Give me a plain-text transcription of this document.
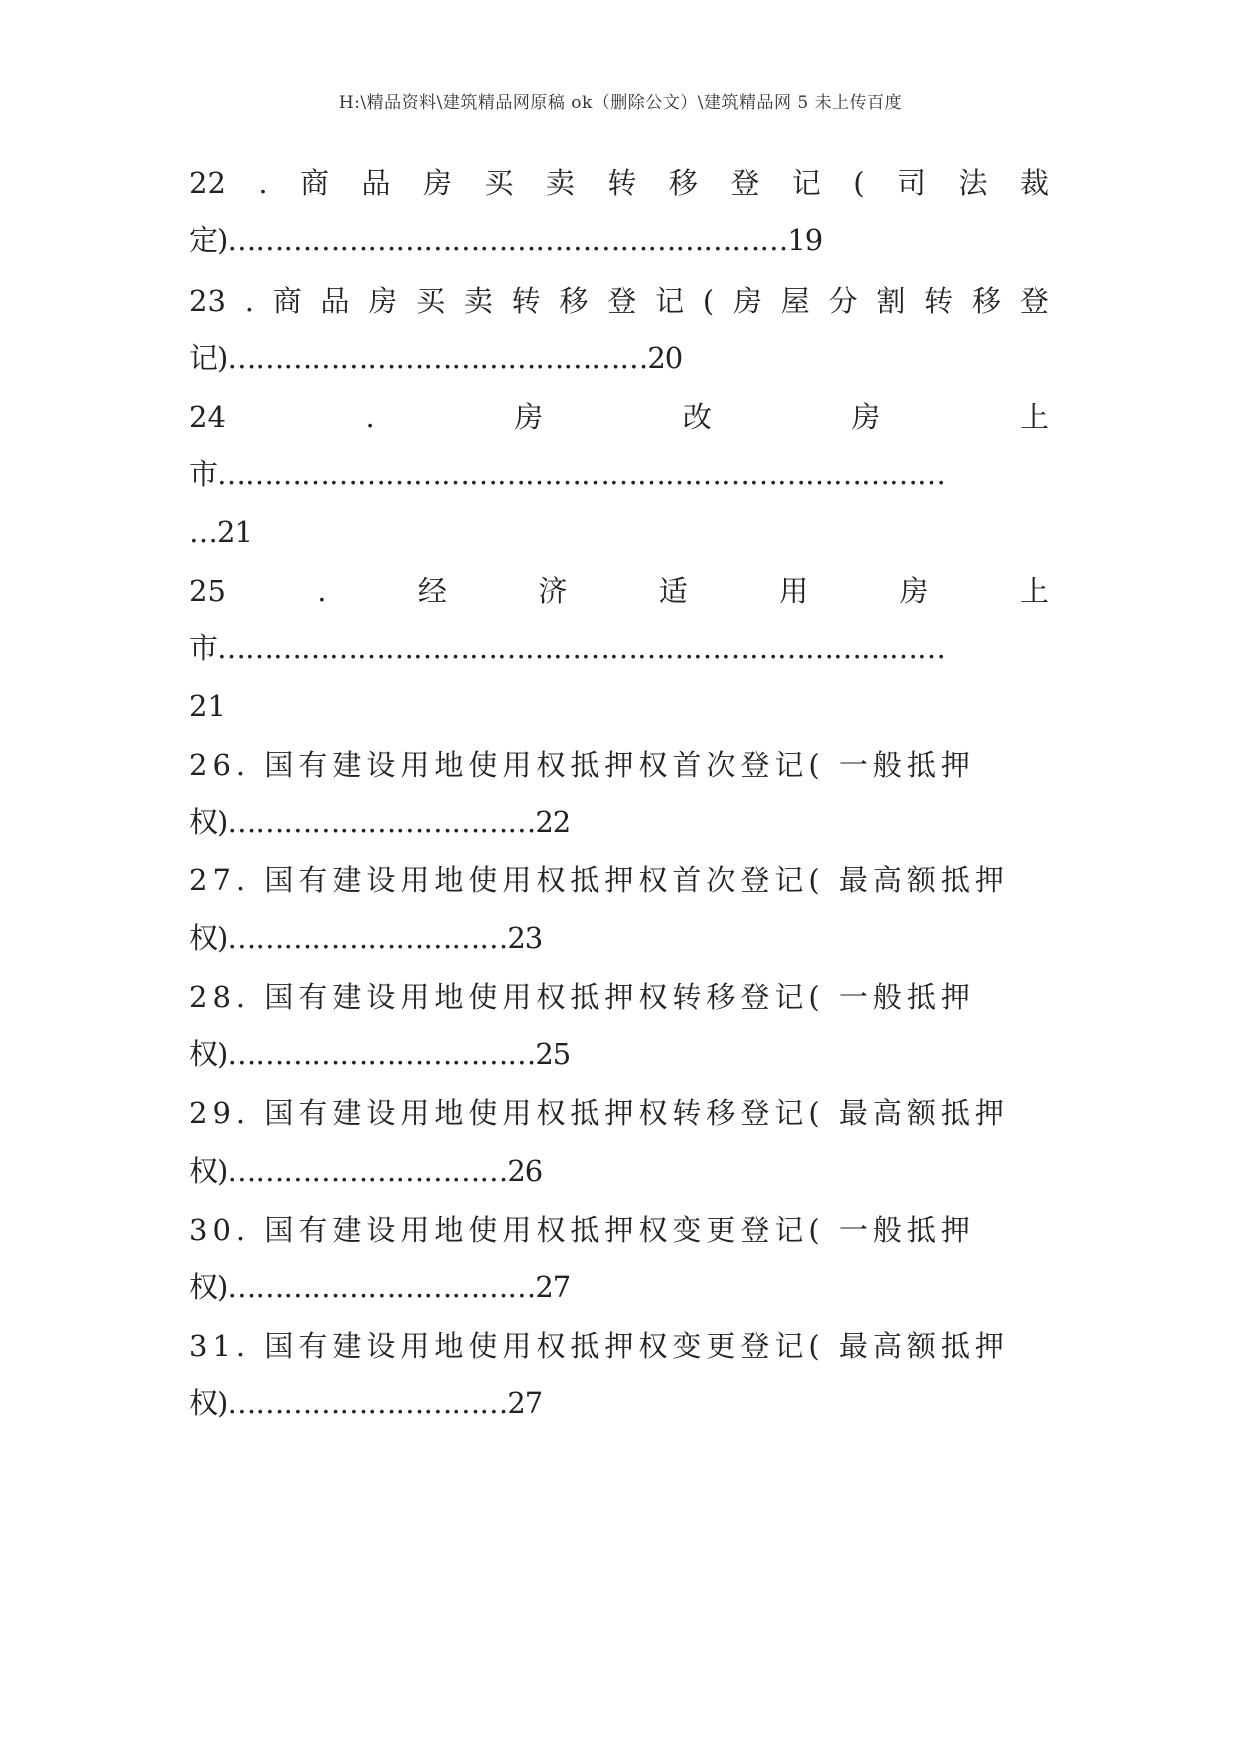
H:\精品资料\建筑精品网原稿 ok（删除公文）\建筑精品网 5 未上传百度
22 . 商 品 房 买 卖 转 移 登 记 ( 司 法 裁
定)……………………………………………………19
23 . 商 品 房 买 卖 转 移 登 记 ( 房 屋 分 割 转 移 登
记)………………………………………20
24	.	房	改	房	上
市……………………………………………………………………
…21
25	.	经	济	适	用	房	上
市……………………………………………………………………
21
26. 国有建设用地使用权抵押权首次登记( 一般抵押
权)……………………………22
27. 国有建设用地使用权抵押权首次登记( 最高额抵押
权)…………………………23
28. 国有建设用地使用权抵押权转移登记( 一般抵押
权)……………………………25
29. 国有建设用地使用权抵押权转移登记( 最高额抵押
权)…………………………26
30. 国有建设用地使用权抵押权变更登记( 一般抵押
权)……………………………27
31. 国有建设用地使用权抵押权变更登记( 最高额抵押
权)…………………………27
